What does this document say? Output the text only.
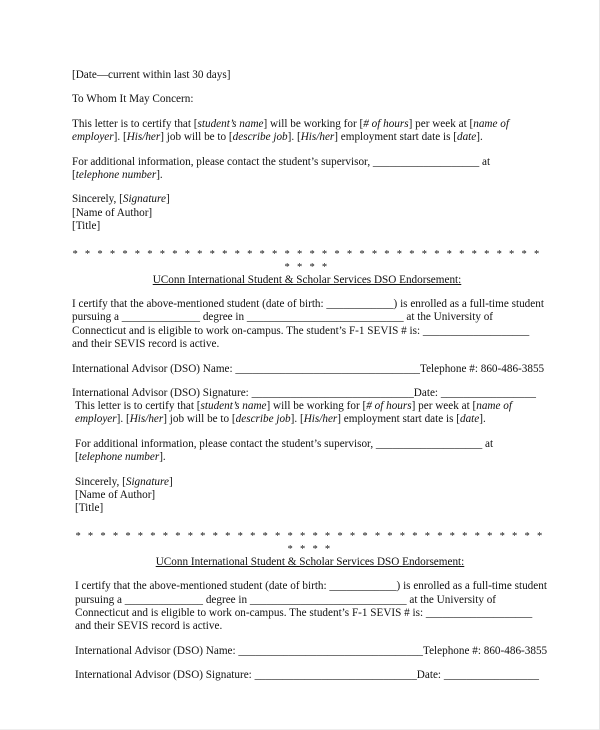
[Date—current within last 30 days]

To Whom It May Concern:

This letter is to certify that [student’s name] will be working for [# of hours] per week at [name of
employer]. [His/her] job will be to [describe job]. [His/her] employment start date is [date].

For additional information, please contact the student’s supervisor, ___________________ at
[telephone number].

Sincerely, [Signature]

[Name of Author]

[Title]

* * * * * * * * * * * * * * * * * * * * * * * * * * * * * * * * * * * * * * * * * *

UConn International Student & Scholar Services DSO Endorsement:

I certify that the above-mentioned student (date of birth: ____________) is enrolled as a full-time student

pursuing a ______________ degree in ____________________________ at the University of

Connecticut and is eligible to work on-campus. The student’s F-1 SEVIS # is: ___________________

and their SEVIS record is active.

International Advisor (DSO) Name: _________________________________Telephone #: 860-486-3855

International Advisor (DSO) Signature: _____________________________Date: _________________

This letter is to certify that [student’s name] will be working for [# of hours] per week at [name of
employer]. [His/her] job will be to [describe job]. [His/her] employment start date is [date].

For additional information, please contact the student’s supervisor, ___________________ at
[telephone number].

Sincerely, [Signature]

[Name of Author]

[Title]

* * * * * * * * * * * * * * * * * * * * * * * * * * * * * * * * * * * * * * * * * *

UConn International Student & Scholar Services DSO Endorsement:

I certify that the above-mentioned student (date of birth: ____________) is enrolled as a full-time student

pursuing a ______________ degree in ____________________________ at the University of

Connecticut and is eligible to work on-campus. The student’s F-1 SEVIS # is: ___________________

and their SEVIS record is active.

International Advisor (DSO) Name: _________________________________Telephone #: 860-486-3855

International Advisor (DSO) Signature: _____________________________Date: _________________
